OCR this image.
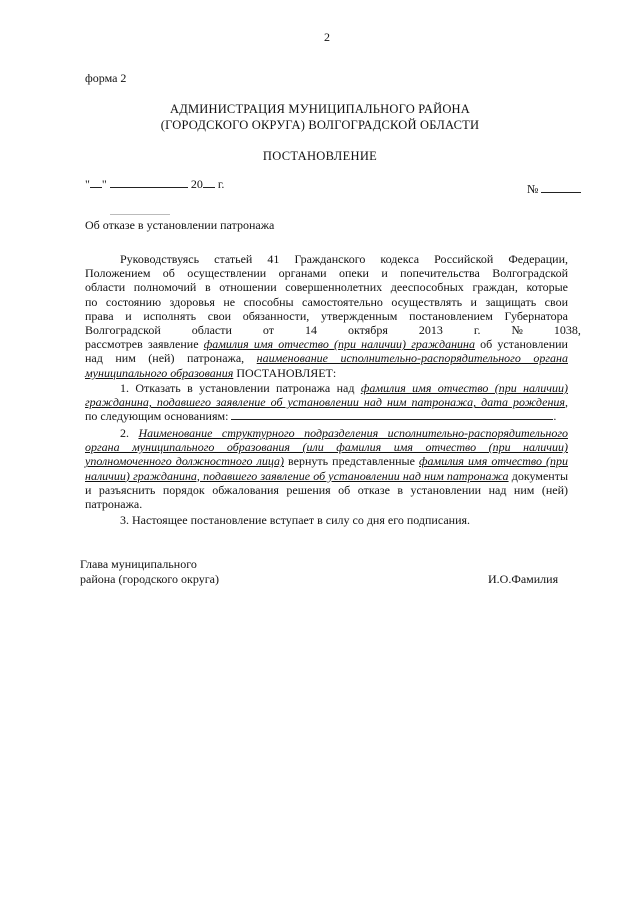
2
форма 2
АДМИНИСТРАЦИЯ МУНИЦИПАЛЬНОГО РАЙОНА
(ГОРОДСКОГО ОКРУГА) ВОЛГОГРАДСКОЙ ОБЛАСТИ
ПОСТАНОВЛЕНИЕ
" "	20 г.	№
Об отказе в установлении патронажа
Руководствуясь статьей 41 Гражданского кодекса Российской Федерации,
Положением об осуществлении органами опеки и попечительства Волгоградской
области полномочий в отношении совершеннолетних дееспособных граждан, которые
по состоянию здоровья не способны самостоятельно осуществлять и защищать свои
права и исполнять свои обязанности, утвержденным постановлением Губернатора
Волгоградской области от 14 октября 2013 г. № 1038,
рассмотрев заявление фамилия имя отчество (при наличии) гражданина об установлении
над ним (ней) патронажа, наименование исполнительно-распорядительного органа
муниципального образования ПОСТАНОВЛЯЕТ:
1. Отказать в установлении патронажа над фамилия имя отчество (при наличии)
гражданина, подавшего заявление об установлении над ним патронажа, дата рождения,
по следующим основаниям:	.
2. Наименование структурного подразделения исполнительно-распорядительного
органа муниципального образования (или фамилия имя отчество (при наличии)
уполномоченного должностного лица) вернуть представленные фамилия имя отчество (при
наличии) гражданина, подавшего заявление об установлении над ним патронажа документы
и разъяснить порядок обжалования решения об отказе в установлении над ним (ней)
патронажа.
3. Настоящее постановление вступает в силу со дня его подписания.
Глава муниципального
района (городского округа)	И.О.Фамилия
